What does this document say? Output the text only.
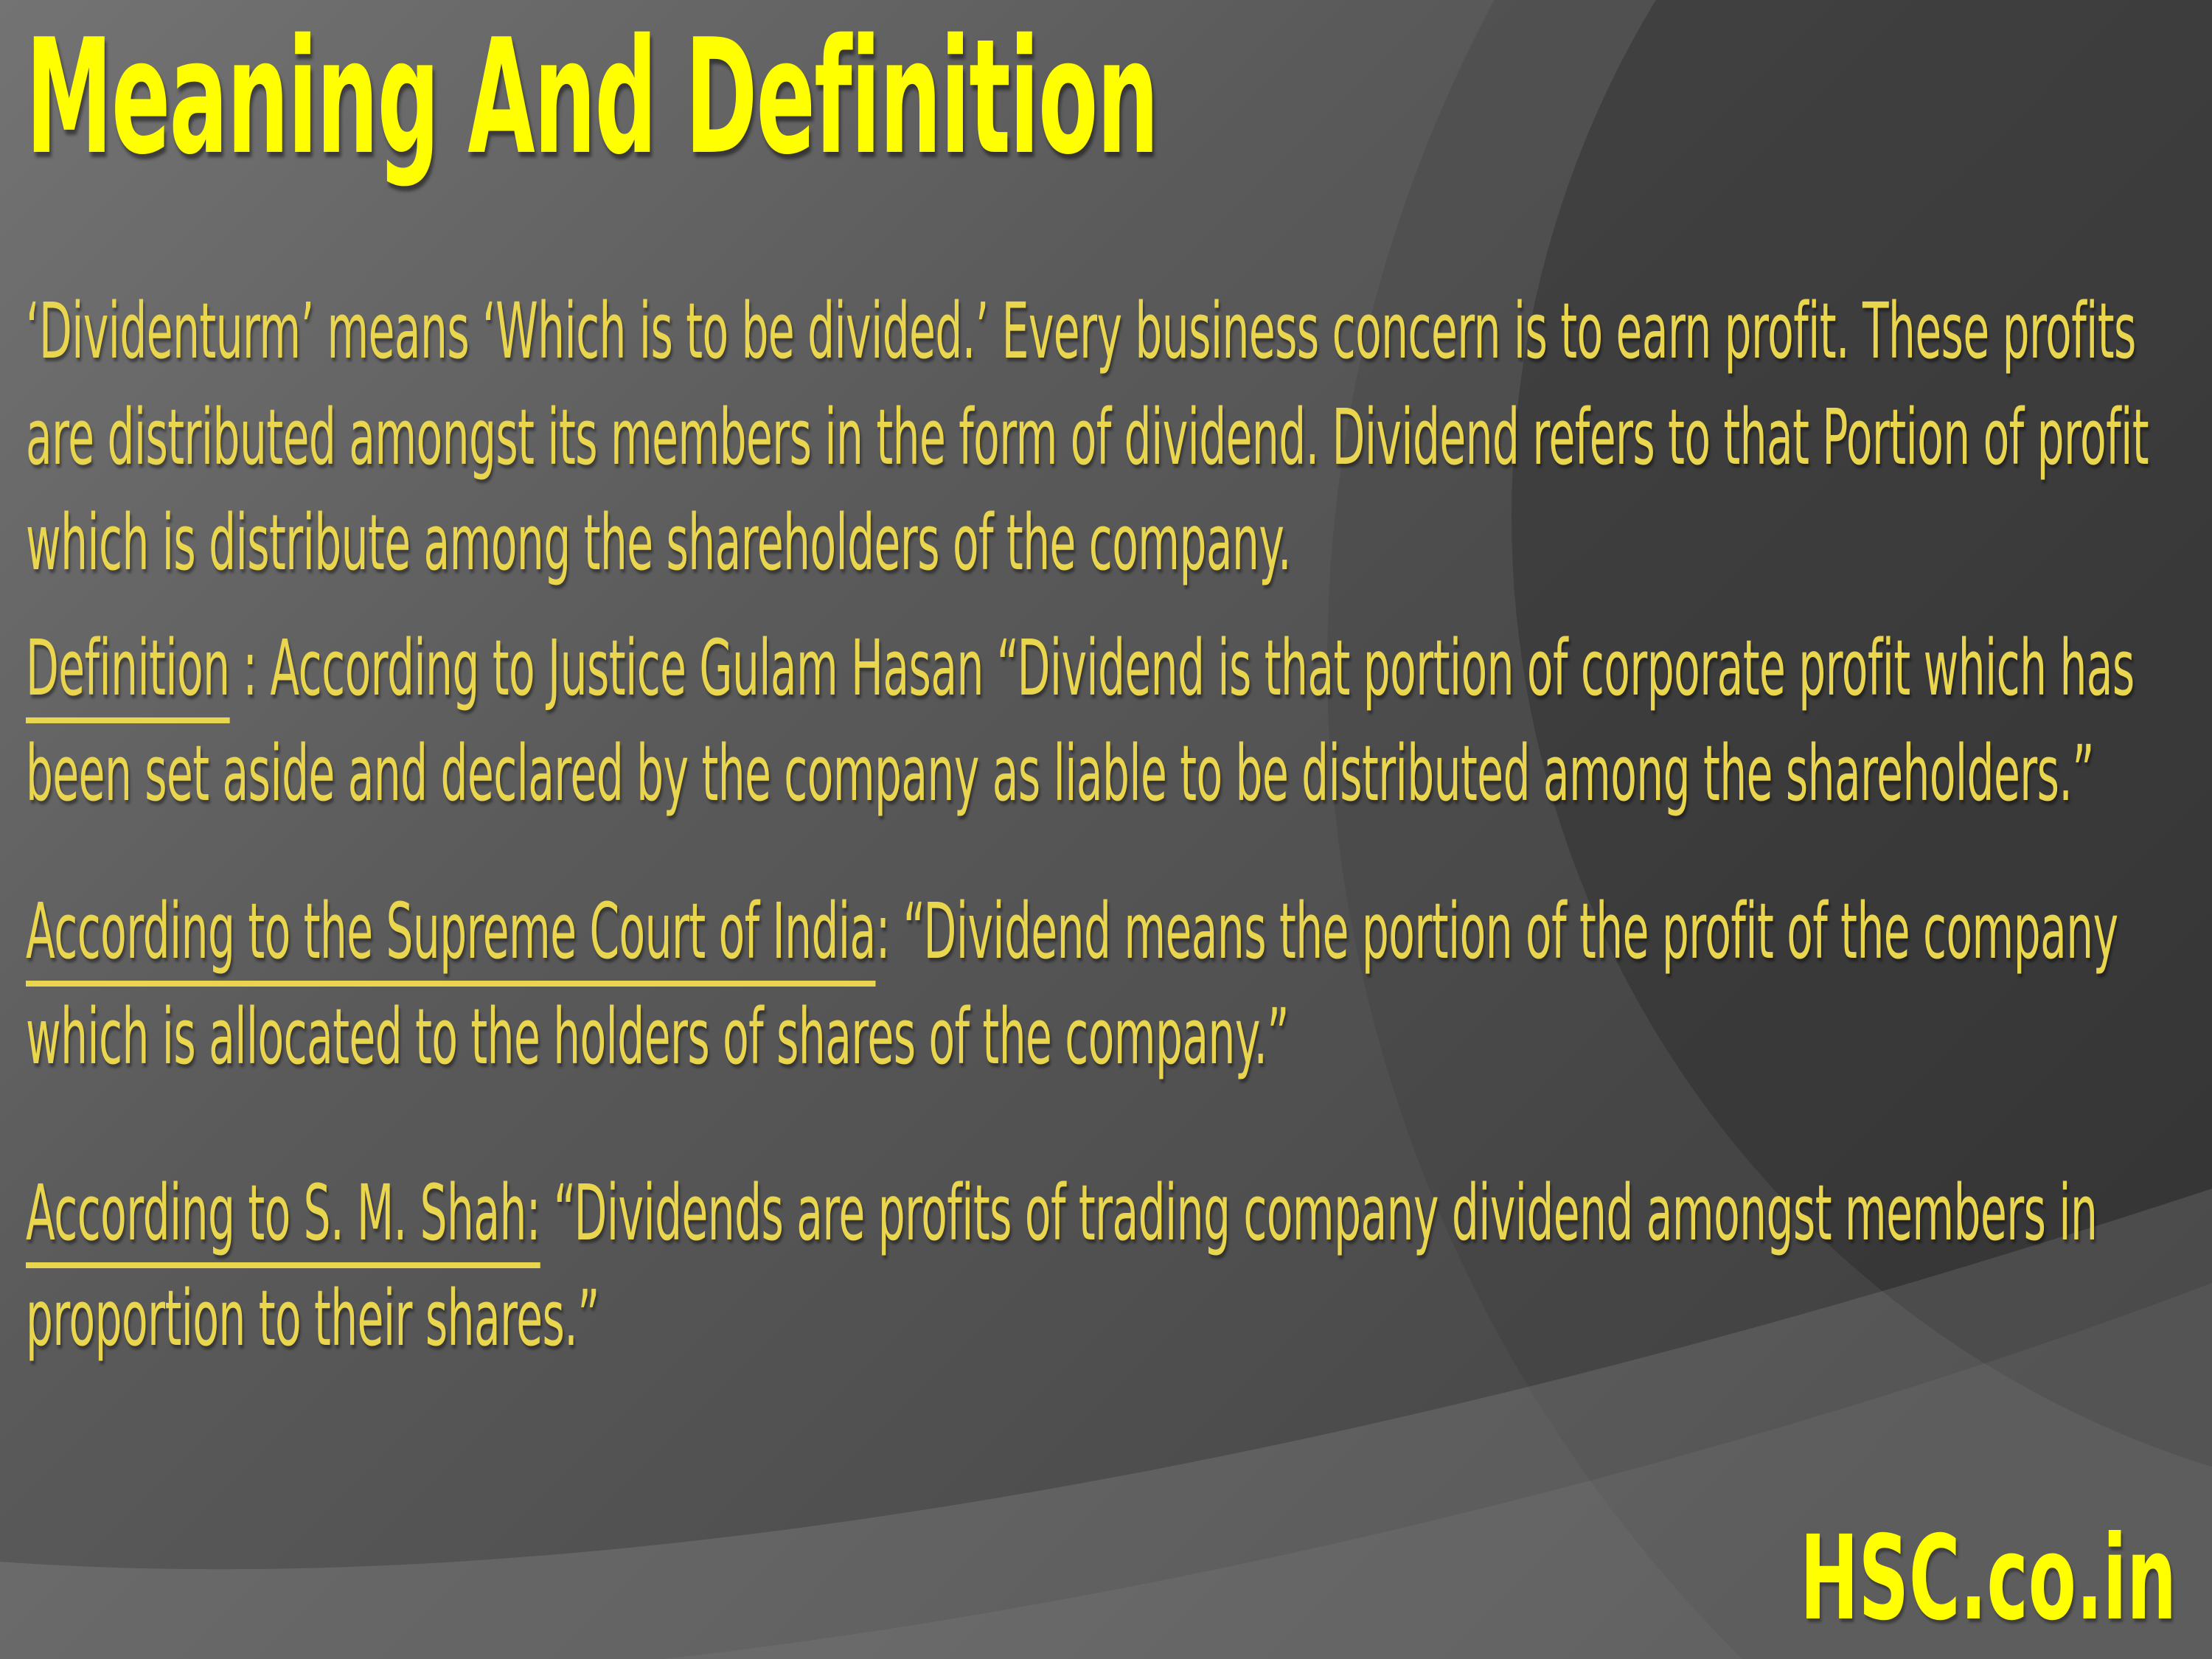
Meaning And Definition

‘Dividenturm’ means ‘Which is to be divided.’ Every business concern is to earn profit. These profits are distributed amongst its members in the form of dividend. Dividend refers to that Portion of profit which is distribute among the shareholders of the company.

Definition : According to Justice Gulam Hasan “Dividend is that portion of corporate profit which has been set aside and declared by the company as liable to be distributed among the shareholders.”

According to the Supreme Court of India: “Dividend means the portion of the profit of the company which is allocated to the holders of shares of the company.”

According to S. M. Shah: “Dividends are profits of trading company dividend amongst members in proportion to their shares.”

HSC.co.in
